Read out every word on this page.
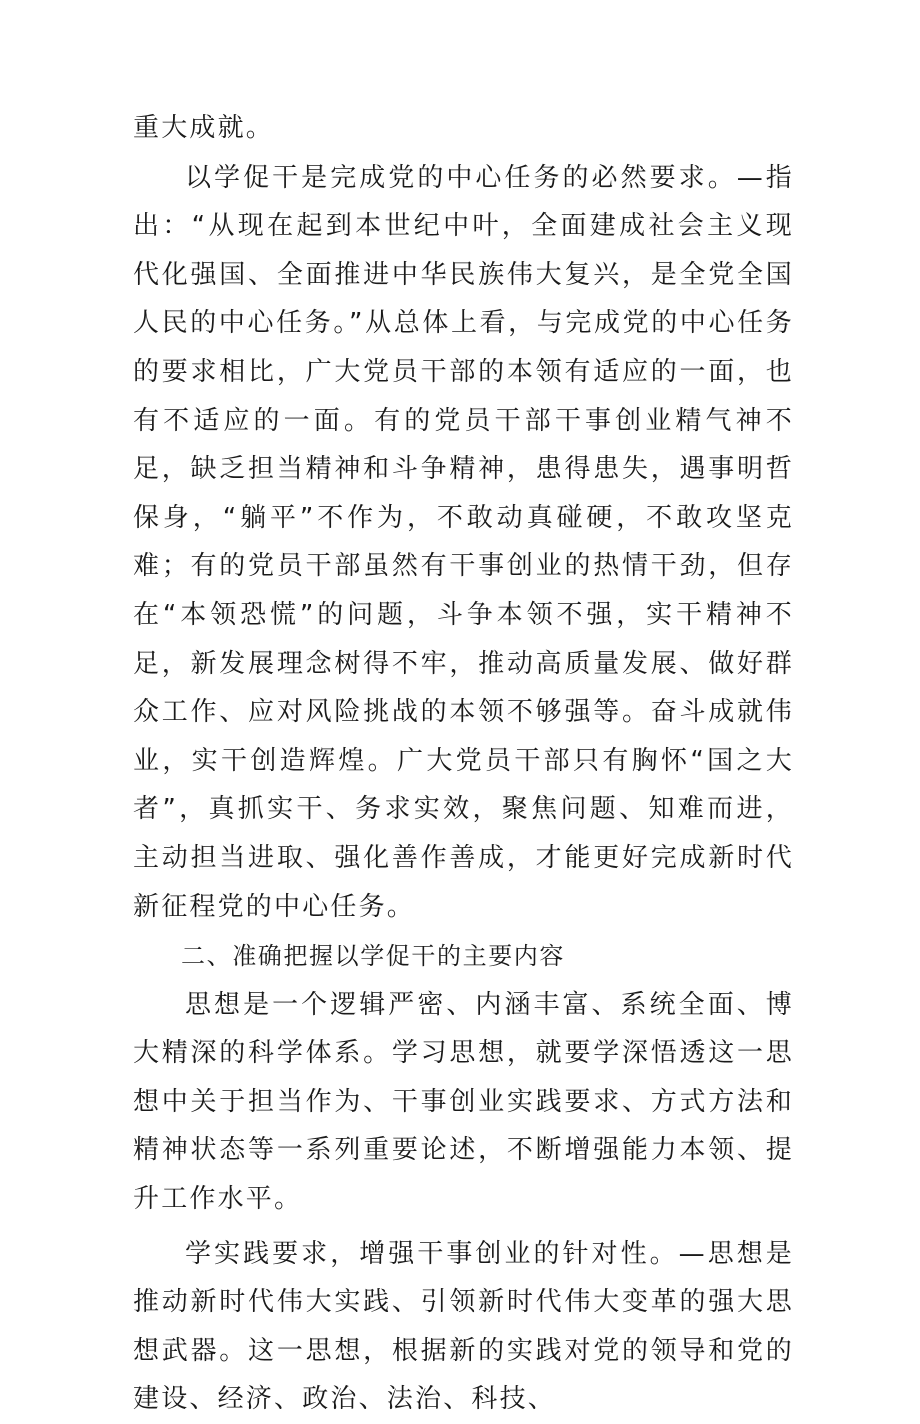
重大成就。

以学促干是完成党的中心任务的必然要求。—指出：“从现在起到本世纪中叶，全面建成社会主义现代化强国、全面推进中华民族伟大复兴，是全党全国人民的中心任务。”从总体上看，与完成党的中心任务的要求相比，广大党员干部的本领有适应的一面，也有不适应的一面。有的党员干部干事创业精气神不足，缺乏担当精神和斗争精神，患得患失，遇事明哲保身，“躺平”不作为，不敢动真碰硬，不敢攻坚克难；有的党员干部虽然有干事创业的热情干劲，但存在“本领恐慌”的问题，斗争本领不强，实干精神不足，新发展理念树得不牢，推动高质量发展、做好群众工作、应对风险挑战的本领不够强等。奋斗成就伟业，实干创造辉煌。广大党员干部只有胸怀“国之大者”，真抓实干、务求实效，聚焦问题、知难而进，主动担当进取、强化善作善成，才能更好完成新时代新征程党的中心任务。

二、准确把握以学促干的主要内容

思想是一个逻辑严密、内涵丰富、系统全面、博大精深的科学体系。学习思想，就要学深悟透这一思想中关于担当作为、干事创业实践要求、方式方法和精神状态等一系列重要论述，不断增强能力本领、提升工作水平。

学实践要求，增强干事创业的针对性。—思想是推动新时代伟大实践、引领新时代伟大变革的强大思想武器。这一思想，根据新的实践对党的领导和党的建设、经济、政治、法治、科技、
